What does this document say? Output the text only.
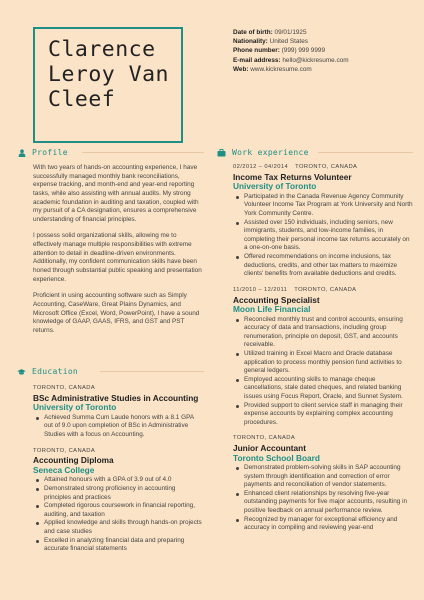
Clarence
Leroy Van
Cleef
Date of birth: 09/01/1925
Nationality: United States
Phone number: (999) 999 9999
E-mail address: hello@kickresume.com
Web: www.kickresume.com
Profile	Work experience

With two years of hands-on accounting experience, I have successfully managed monthly bank reconciliations, expense tracking, and month-end and year-end reporting tasks, while also assisting with annual audits. My strong academic foundation in auditing and taxation, coupled with my pursuit of a CA designation, ensures a comprehensive understanding of financial principles.

I possess solid organizational skills, allowing me to effectively manage multiple responsibilities with extreme attention to detail in deadline-driven environments. Additionally, my confident communication skills have been honed through substantial public speaking and presentation experience.

Proficient in using accounting software such as Simply Accounting, CaseWare, Great Plains Dynamics, and Microsoft Office (Excel, Word, PowerPoint), I have a sound knowledge of GAAP, GAAS, IFRS, and GST and PST returns.

Education
TORONTO, CANADA
BSc Administrative Studies in Accounting
University of Toronto
Achieved Summa Cum Laude honors with a 8.1 GPA out of 9.0 upon completion of BSc in Administrative Studies with a focus on Accounting.
TORONTO, CANADA
Accounting Diploma
Seneca College
Attained honours with a GPA of 3.9 out of 4.0
Demonstrated strong proficiency in accounting principles and practices
Completed rigorous coursework in financial reporting, auditing, and taxation
Applied knowledge and skills through hands-on projects and case studies
Excelled in analyzing financial data and preparing accurate financial statements
02/2012 – 04/2014 TORONTO, CANADA
Income Tax Returns Volunteer
University of Toronto
Participated in the Canada Revenue Agency Community Volunteer Income Tax Program at York University and North York Community Centre.
Assisted over 150 individuals, including seniors, new immigrants, students, and low-income families, in completing their personal income tax returns accurately on a one-on-one basis.
Offered recommendations on income inclusions, tax deductions, credits, and other tax matters to maximize clients' benefits from available deductions and credits.
11/2010 – 12/2011 TORONTO, CANADA
Accounting Specialist
Moon Life Financial
Reconciled monthly trust and control accounts, ensuring accuracy of data and transactions, including group renumeration, principle on deposit, GST, and accounts receivable.
Utilized training in Excel Macro and Oracle database application to process monthly pension fund activities to general ledgers.
Employed accounting skills to manage cheque cancellations, stale dated cheques, and related banking issues using Focus Report, Oracle, and Sunnet System.
Provided support to client service staff in managing their expense accounts by explaining complex accounting procedures.
TORONTO, CANADA
Junior Accountant
Toronto School Board
Demonstrated problem-solving skills in SAP accounting system through identification and correction of error payments and reconciliation of vendor statements.
Enhanced client relationships by resolving five-year outstanding payments for five major accounts, resulting in positive feedback on annual performance review.
Recognized by manager for exceptional efficiency and accuracy in compiling and reviewing year-end
